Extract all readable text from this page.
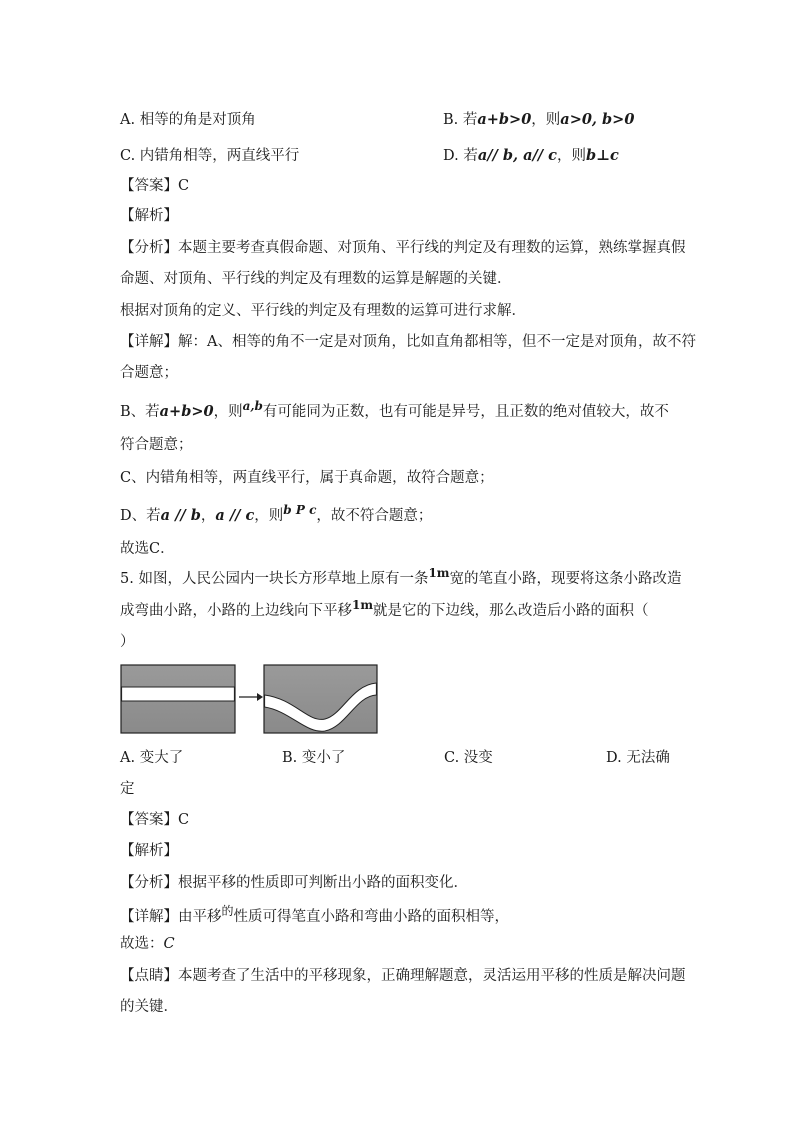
A. 相等的角是对顶角	B. 若a+b>0，则a>0, b>0
C. 内错角相等，两直线平行	D. 若a// b, a// c，则b⊥c
【答案】C
【解析】
【分析】本题主要考查真假命题、对顶角、平行线的判定及有理数的运算，熟练掌握真假
命题、对顶角、平行线的判定及有理数的运算是解题的关键．
根据对顶角的定义、平行线的判定及有理数的运算可进行求解．
【详解】解：A、相等的角不一定是对顶角，比如直角都相等，但不一定是对顶角，故不符
合题意；
B、若a+b>0，则$^{a,b}$有可能同为正数，也有可能是异号，且正数的绝对值较大，故不
符合题意；
C、内错角相等，两直线平行，属于真命题，故符合题意；
D、若a // b，a // c，则$^{b P c}$，故不符合题意；
故选C．
5. 如图，人民公园内一块长方形草地上原有一条$^{1m}$宽的笔直小路，现要将这条小路改造
成弯曲小路，小路的上边线向下平移$^{1m}$就是它的下边线，那么改造后小路的面积（
）
A. 变大了	B. 变小了	C. 没变	D. 无法确
定
【答案】C
【解析】
【分析】根据平移的性质即可判断出小路的面积变化．
【详解】由平移$^的$性质可得笔直小路和弯曲小路的面积相等，
故选：C
【点睛】本题考查了生活中的平移现象，正确理解题意，灵活运用平移的性质是解决问题
的关键．
